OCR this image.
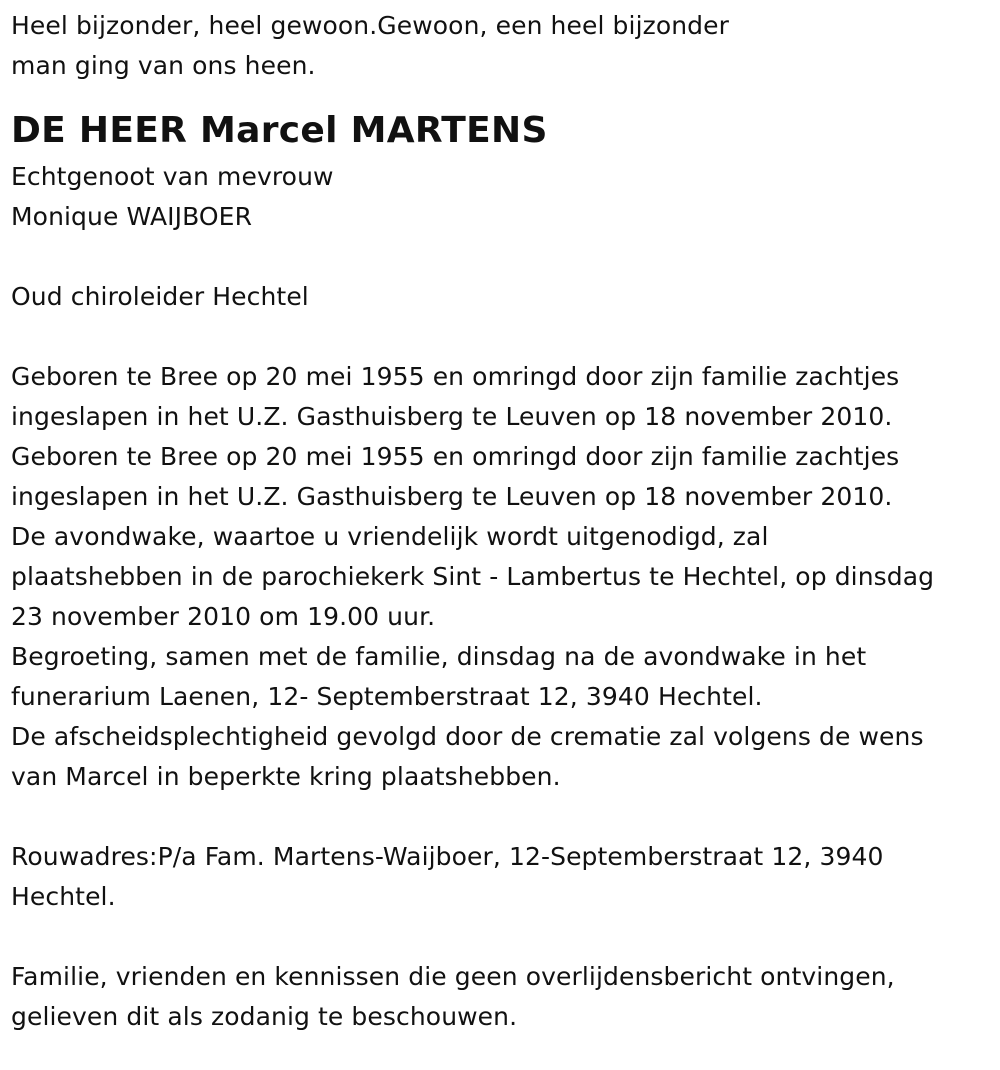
Heel bijzonder, heel gewoon.Gewoon, een heel bijzonder
man ging van ons heen.
DE HEER Marcel MARTENS
Echtgenoot van mevrouw
Monique WAIJBOER
Oud chiroleider Hechtel
Geboren te Bree op 20 mei 1955 en omringd door zijn familie zachtjes
ingeslapen in het U.Z. Gasthuisberg te Leuven op 18 november 2010.
Geboren te Bree op 20 mei 1955 en omringd door zijn familie zachtjes
ingeslapen in het U.Z. Gasthuisberg te Leuven op 18 november 2010.
De avondwake, waartoe u vriendelijk wordt uitgenodigd, zal
plaatshebben in de parochiekerk Sint - Lambertus te Hechtel, op dinsdag
23 november 2010 om 19.00 uur.
Begroeting, samen met de familie, dinsdag na de avondwake in het
funerarium Laenen, 12- Septemberstraat 12, 3940 Hechtel.
De afscheidsplechtigheid gevolgd door de crematie zal volgens de wens
van Marcel in beperkte kring plaatshebben.
Rouwadres:P/a Fam. Martens-Waijboer, 12-Septemberstraat 12, 3940
Hechtel.
Familie, vrienden en kennissen die geen overlijdensbericht ontvingen,
gelieven dit als zodanig te beschouwen.
